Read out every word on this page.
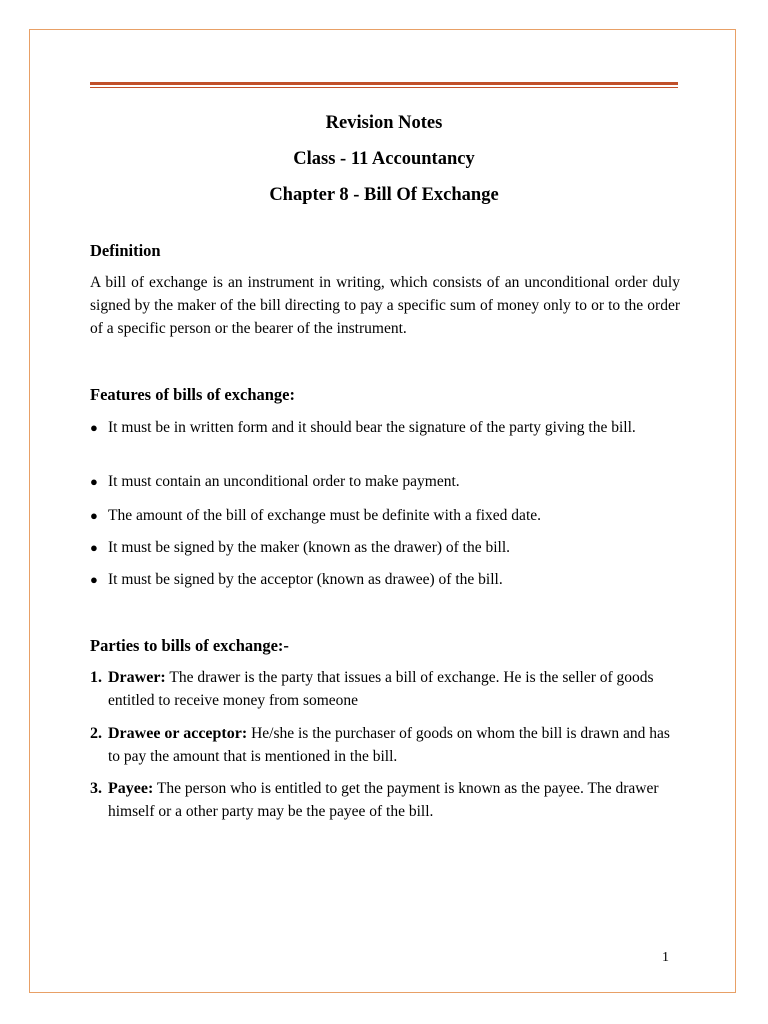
Revision Notes
Class - 11 Accountancy
Chapter 8 - Bill Of Exchange
Definition
A bill of exchange is an instrument in writing, which consists of an unconditional order duly signed by the maker of the bill directing to pay a specific sum of money only to or to the order of a specific person or the bearer of the instrument.
Features of bills of exchange:
● It must be in written form and it should bear the signature of the party giving the bill.
● It must contain an unconditional order to make payment.
● The amount of the bill of exchange must be definite with a fixed date.
● It must be signed by the maker (known as the drawer) of the bill.
● It must be signed by the acceptor (known as drawee) of the bill.
Parties to bills of exchange:-
1. Drawer: The drawer is the party that issues a bill of exchange. He is the seller of goods entitled to receive money from someone
2. Drawee or acceptor: He/she is the purchaser of goods on whom the bill is drawn and has to pay the amount that is mentioned in the bill.
3. Payee: The person who is entitled to get the payment is known as the payee. The drawer himself or a other party may be the payee of the bill.
1
